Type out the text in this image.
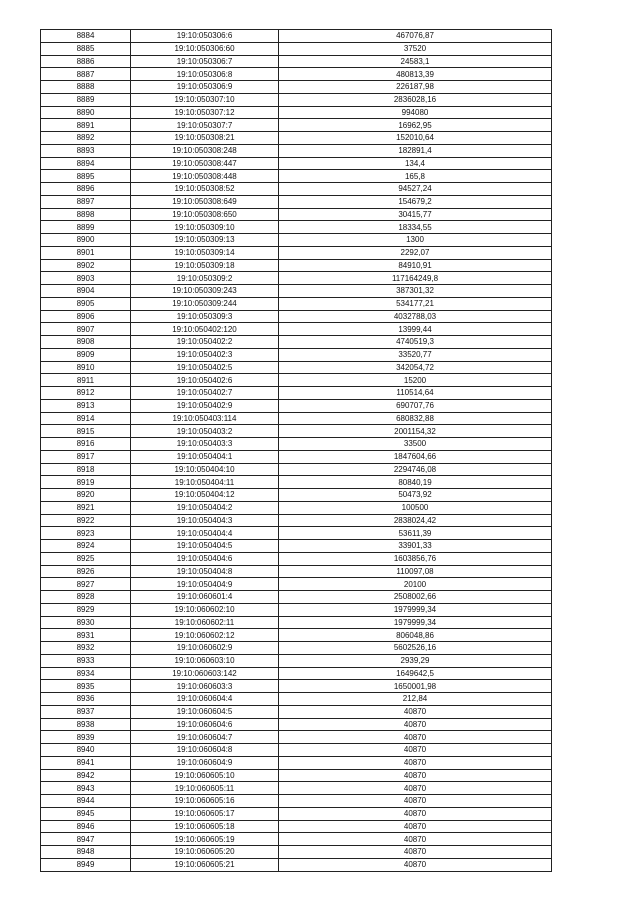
8884	19:10:050306:6	467076,87
8885	19:10:050306:60	37520
8886	19:10:050306:7	24583,1
8887	19:10:050306:8	480813,39
8888	19:10:050306:9	226187,98
8889	19:10:050307:10	2836028,16
8890	19:10:050307:12	994080
8891	19:10:050307:7	16962,95
8892	19:10:050308:21	152010,64
8893	19:10:050308:248	182891,4
8894	19:10:050308:447	134,4
8895	19:10:050308:448	165,8
8896	19:10:050308:52	94527,24
8897	19:10:050308:649	154679,2
8898	19:10:050308:650	30415,77
8899	19:10:050309:10	18334,55
8900	19:10:050309:13	1300
8901	19:10:050309:14	2292,07
8902	19:10:050309:18	84910,91
8903	19:10:050309:2	117164249,8
8904	19:10:050309:243	387301,32
8905	19:10:050309:244	534177,21
8906	19:10:050309:3	4032788,03
8907	19:10:050402:120	13999,44
8908	19:10:050402:2	4740519,3
8909	19:10:050402:3	33520,77
8910	19:10:050402:5	342054,72
8911	19:10:050402:6	15200
8912	19:10:050402:7	110514,64
8913	19:10:050402:9	690707,76
8914	19:10:050403:114	680832,88
8915	19:10:050403:2	2001154,32
8916	19:10:050403:3	33500
8917	19:10:050404:1	1847604,66
8918	19:10:050404:10	2294746,08
8919	19:10:050404:11	80840,19
8920	19:10:050404:12	50473,92
8921	19:10:050404:2	100500
8922	19:10:050404:3	2838024,42
8923	19:10:050404:4	53611,39
8924	19:10:050404:5	33901,33
8925	19:10:050404:6	1603856,76
8926	19:10:050404:8	110097,08
8927	19:10:050404:9	20100
8928	19:10:060601:4	2508002,66
8929	19:10:060602:10	1979999,34
8930	19:10:060602:11	1979999,34
8931	19:10:060602:12	806048,86
8932	19:10:060602:9	5602526,16
8933	19:10:060603:10	2939,29
8934	19:10:060603:142	1649642,5
8935	19:10:060603:3	1650001,98
8936	19:10:060604:4	212,84
8937	19:10:060604:5	40870
8938	19:10:060604:6	40870
8939	19:10:060604:7	40870
8940	19:10:060604:8	40870
8941	19:10:060604:9	40870
8942	19:10:060605:10	40870
8943	19:10:060605:11	40870
8944	19:10:060605:16	40870
8945	19:10:060605:17	40870
8946	19:10:060605:18	40870
8947	19:10:060605:19	40870
8948	19:10:060605:20	40870
8949	19:10:060605:21	40870
